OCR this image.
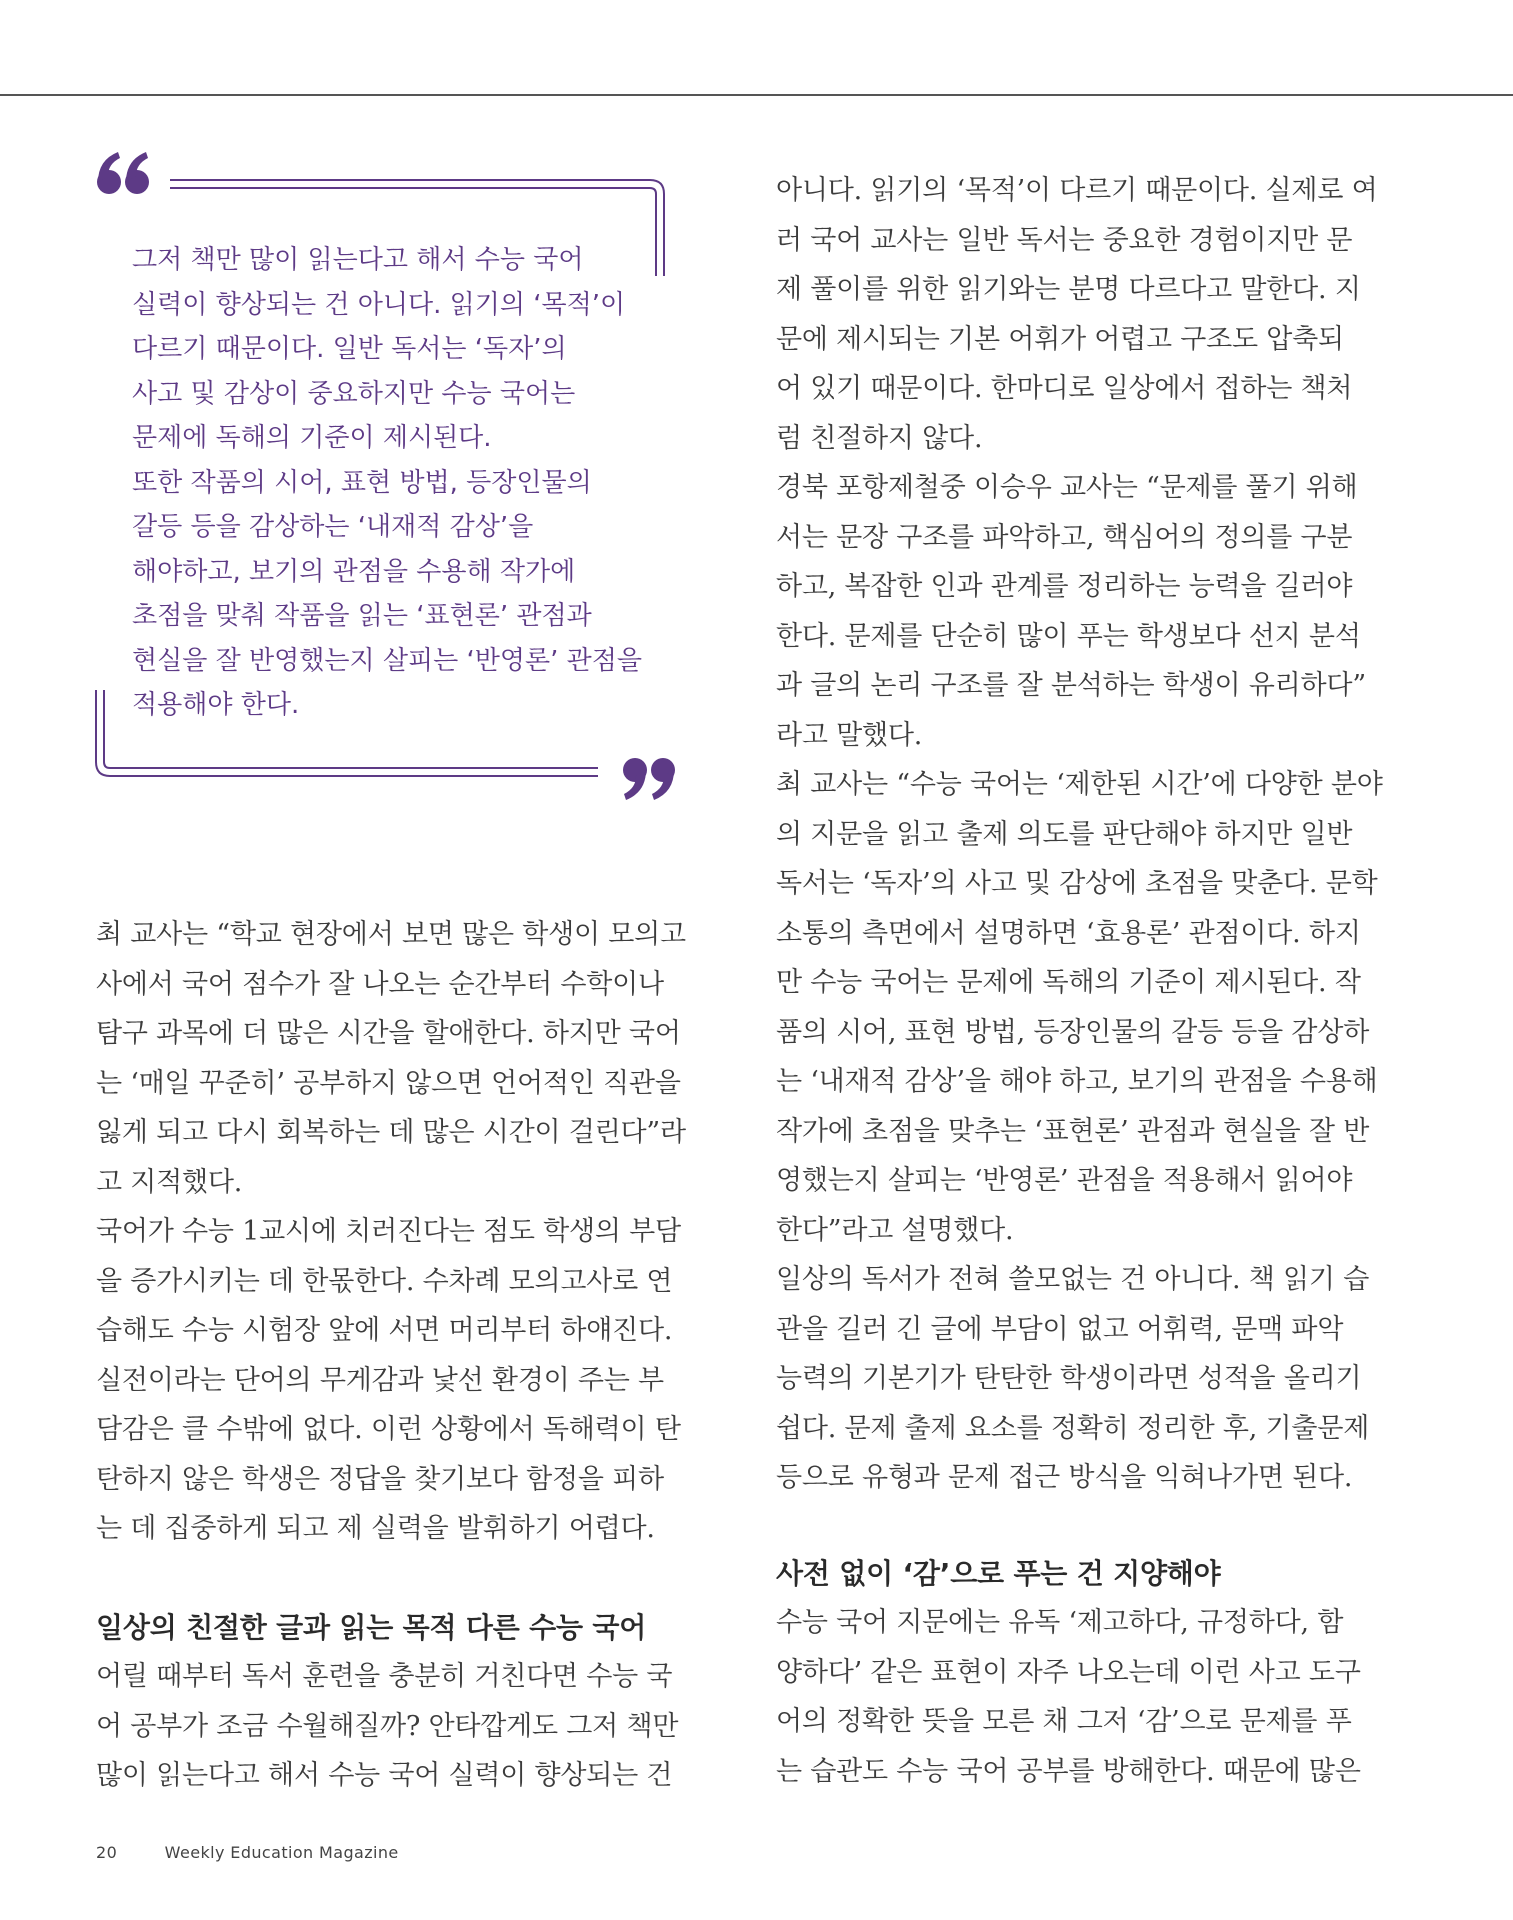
그저 책만 많이 읽는다고 해서 수능 국어

실력이 향상되는 건 아니다. 읽기의 ‘목적’이

다르기 때문이다. 일반 독서는 ‘독자’의

사고 및 감상이 중요하지만 수능 국어는

문제에 독해의 기준이 제시된다.

또한 작품의 시어, 표현 방법, 등장인물의

갈등 등을 감상하는 ‘내재적 감상’을

해야하고, 보기의 관점을 수용해 작가에

초점을 맞춰 작품을 읽는 ‘표현론’ 관점과

현실을 잘 반영했는지 살피는 ‘반영론’ 관점을

적용해야 한다.

최 교사는 “학교 현장에서 보면 많은 학생이 모의고

사에서 국어 점수가 잘 나오는 순간부터 수학이나

탐구 과목에 더 많은 시간을 할애한다. 하지만 국어

는 ‘매일 꾸준히’ 공부하지 않으면 언어적인 직관을

잃게 되고 다시 회복하는 데 많은 시간이 걸린다”라

고 지적했다.

국어가 수능 1교시에 치러진다는 점도 학생의 부담

을 증가시키는 데 한몫한다. 수차례 모의고사로 연

습해도 수능 시험장 앞에 서면 머리부터 하얘진다.

실전이라는 단어의 무게감과 낯선 환경이 주는 부

담감은 클 수밖에 없다. 이런 상황에서 독해력이 탄

탄하지 않은 학생은 정답을 찾기보다 함정을 피하

는 데 집중하게 되고 제 실력을 발휘하기 어렵다.

일상의 친절한 글과 읽는 목적 다른 수능 국어

어릴 때부터 독서 훈련을 충분히 거친다면 수능 국

어 공부가 조금 수월해질까? 안타깝게도 그저 책만

많이 읽는다고 해서 수능 국어 실력이 향상되는 건

아니다. 읽기의 ‘목적’이 다르기 때문이다. 실제로 여

러 국어 교사는 일반 독서는 중요한 경험이지만 문

제 풀이를 위한 읽기와는 분명 다르다고 말한다. 지

문에 제시되는 기본 어휘가 어렵고 구조도 압축되

어 있기 때문이다. 한마디로 일상에서 접하는 책처

럼 친절하지 않다.

경북 포항제철중 이승우 교사는 “문제를 풀기 위해

서는 문장 구조를 파악하고, 핵심어의 정의를 구분

하고, 복잡한 인과 관계를 정리하는 능력을 길러야

한다. 문제를 단순히 많이 푸는 학생보다 선지 분석

과 글의 논리 구조를 잘 분석하는 학생이 유리하다”

라고 말했다.

최 교사는 “수능 국어는 ‘제한된 시간’에 다양한 분야

의 지문을 읽고 출제 의도를 판단해야 하지만 일반

독서는 ‘독자’의 사고 및 감상에 초점을 맞춘다. 문학

소통의 측면에서 설명하면 ‘효용론’ 관점이다. 하지

만 수능 국어는 문제에 독해의 기준이 제시된다. 작

품의 시어, 표현 방법, 등장인물의 갈등 등을 감상하

는 ‘내재적 감상’을 해야 하고, 보기의 관점을 수용해

작가에 초점을 맞추는 ‘표현론’ 관점과 현실을 잘 반

영했는지 살피는 ‘반영론’ 관점을 적용해서 읽어야

한다”라고 설명했다.

일상의 독서가 전혀 쓸모없는 건 아니다. 책 읽기 습

관을 길러 긴 글에 부담이 없고 어휘력, 문맥 파악

능력의 기본기가 탄탄한 학생이라면 성적을 올리기

쉽다. 문제 출제 요소를 정확히 정리한 후, 기출문제

등으로 유형과 문제 접근 방식을 익혀나가면 된다.

사전 없이 ‘감’으로 푸는 건 지양해야

수능 국어 지문에는 유독 ‘제고하다, 규정하다, 함

양하다’ 같은 표현이 자주 나오는데 이런 사고 도구

어의 정확한 뜻을 모른 채 그저 ‘감’으로 문제를 푸

는 습관도 수능 국어 공부를 방해한다. 때문에 많은

20	Weekly Education Magazine
